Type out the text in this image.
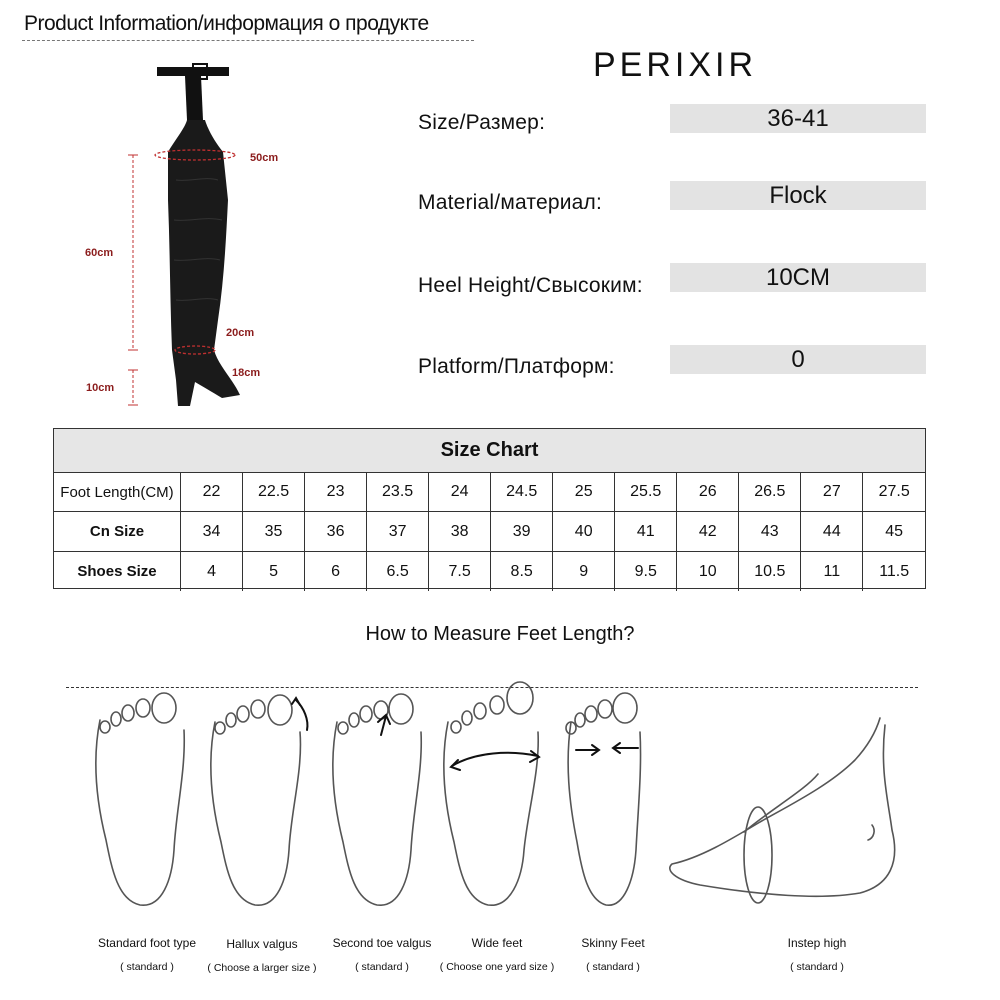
Product Information/информация о продукте
PERIXIR
Size/Размер:	36-41
Material/материал:	Flock
Heel Height/Свысоким:	10CM
Platform/Платформ:	0
50cm
60cm
20cm
18cm
10cm
Size Chart
Foot Length(CM)	22	22.5	23	23.5	24	24.5	25	25.5	26	26.5	27	27.5
Cn Size	34	35	36	37	38	39	40	41	42	43	44	45
Shoes Size	4	5	6	6.5	7.5	8.5	9	9.5	10	10.5	11	11.5
How to Measure Feet Length?
Standard foot type
( standard )
Hallux valgus
( Choose a larger size )
Second toe valgus
( standard )
Wide feet
( Choose one yard size )
Skinny Feet
( standard )
Instep high
( standard )
